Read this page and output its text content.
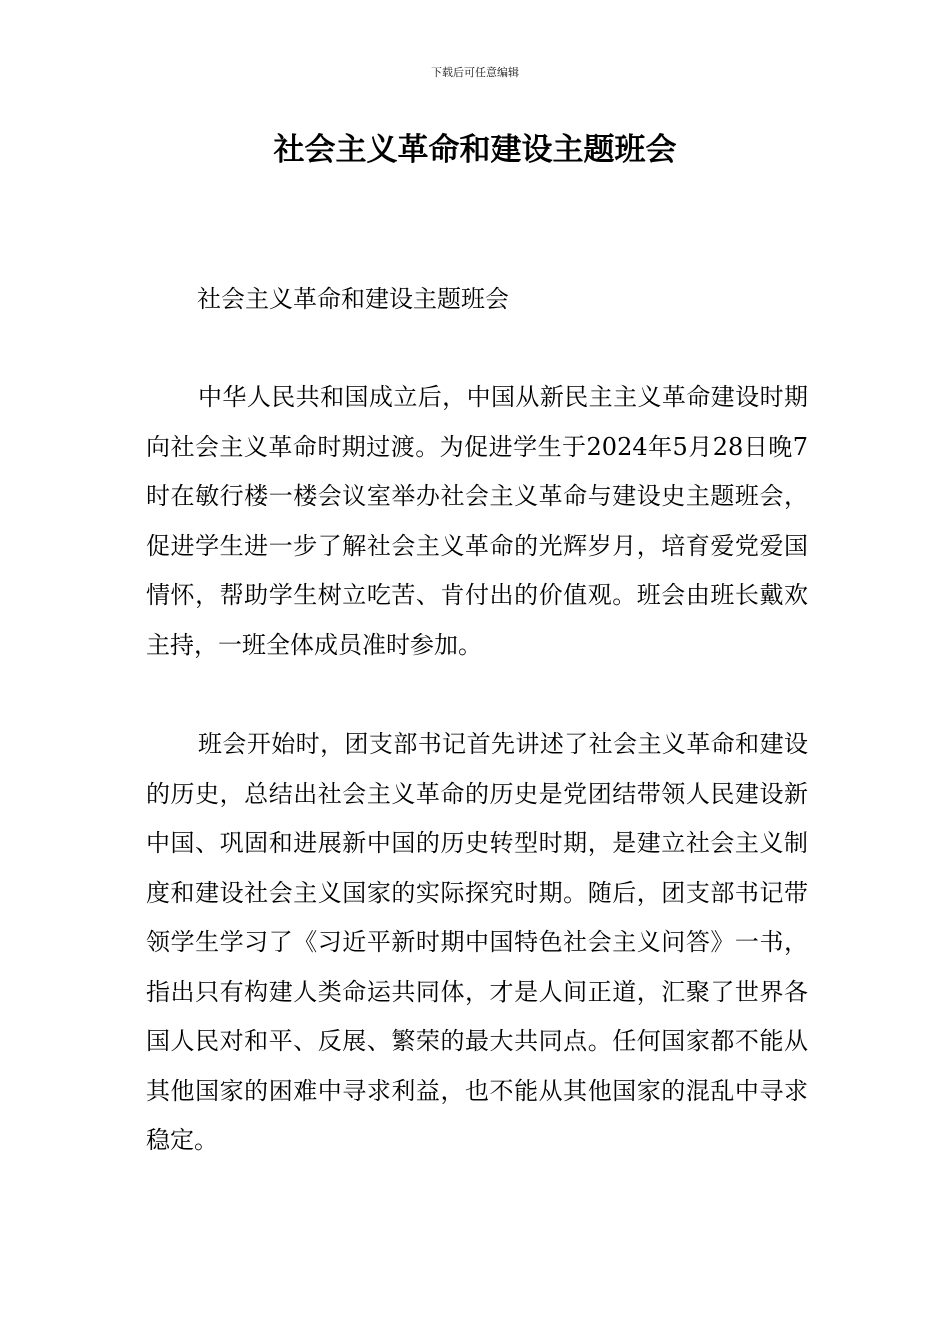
下载后可任意编辑
社会主义革命和建设主题班会

社会主义革命和建设主题班会

中华人民共和国成立后，中国从新民主主义革命建设时期向社会主义革命时期过渡。为促进学生于2024年5月28日晚7时在敏行楼一楼会议室举办社会主义革命与建设史主题班会，促进学生进一步了解社会主义革命的光辉岁月，培育爱党爱国情怀，帮助学生树立吃苦、肯付出的价值观。班会由班长戴欢主持，一班全体成员准时参加。

班会开始时，团支部书记首先讲述了社会主义革命和建设的历史，总结出社会主义革命的历史是党团结带领人民建设新中国、巩固和进展新中国的历史转型时期，是建立社会主义制度和建设社会主义国家的实际探究时期。随后，团支部书记带领学生学习了《习近平新时期中国特色社会主义问答》一书，指出只有构建人类命运共同体，才是人间正道，汇聚了世界各国人民对和平、反展、繁荣的最大共同点。任何国家都不能从其他国家的困难中寻求利益，也不能从其他国家的混乱中寻求稳定。
